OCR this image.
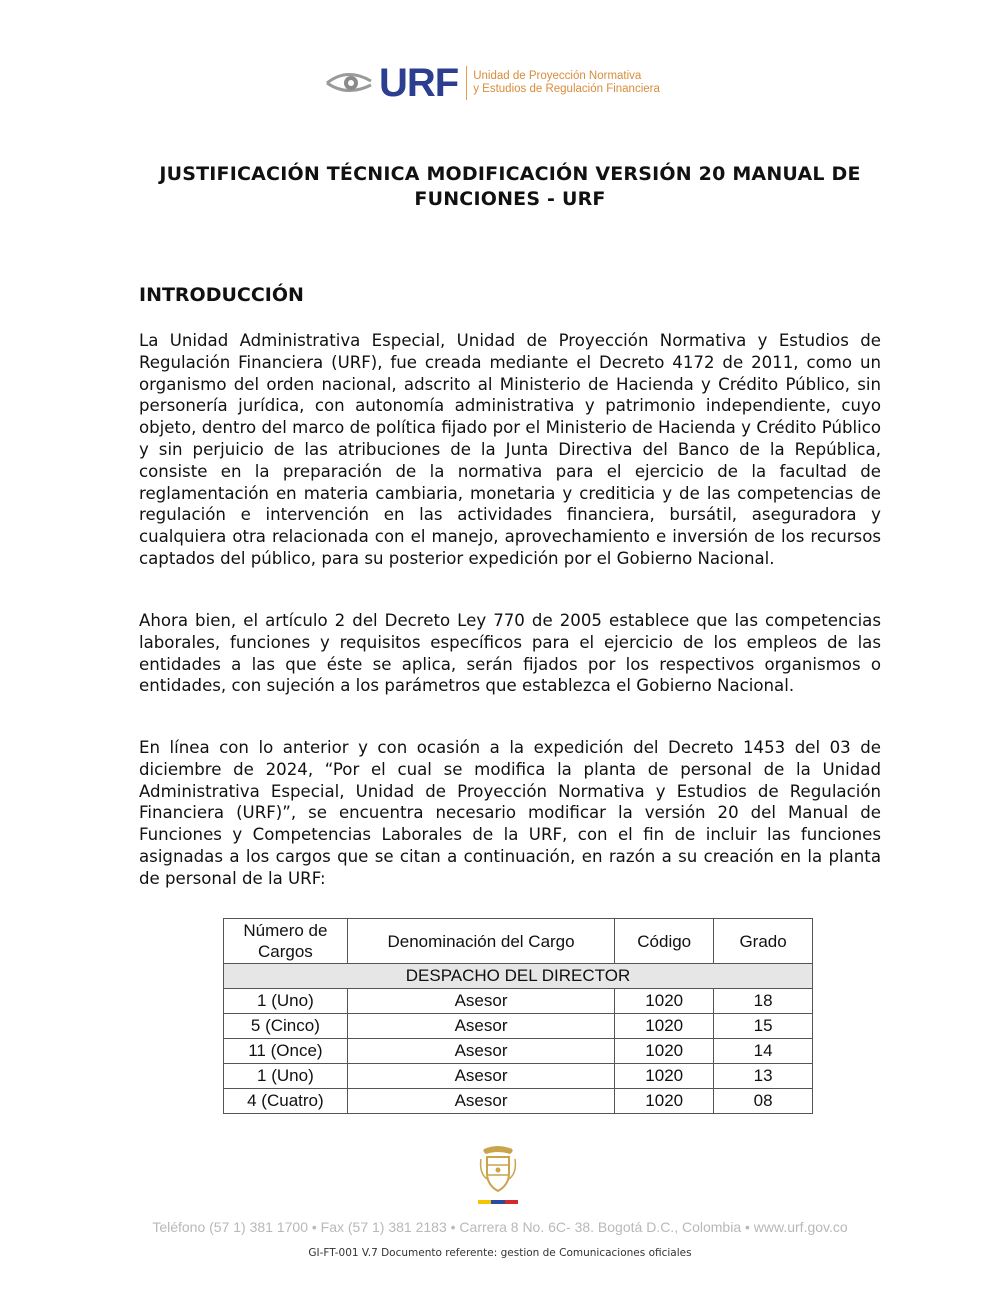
URF Unidad de Proyección Normativa
y Estudios de Regulación Financiera
JUSTIFICACIÓN TÉCNICA MODIFICACIÓN VERSIÓN 20 MANUAL DE FUNCIONES - URF
INTRODUCCIÓN

La Unidad Administrativa Especial, Unidad de Proyección Normativa y Estudios de Regulación Financiera (URF), fue creada mediante el Decreto 4172 de 2011, como un organismo del orden nacional, adscrito al Ministerio de Hacienda y Crédito Público, sin personería jurídica, con autonomía administrativa y patrimonio independiente, cuyo objeto, dentro del marco de política fijado por el Ministerio de Hacienda y Crédito Público y sin perjuicio de las atribuciones de la Junta Directiva del Banco de la República, consiste en la preparación de la normativa para el ejercicio de la facultad de reglamentación en materia cambiaria, monetaria y crediticia y de las competencias de regulación e intervención en las actividades financiera, bursátil, aseguradora y cualquiera otra relacionada con el manejo, aprovechamiento e inversión de los recursos captados del público, para su posterior expedición por el Gobierno Nacional.

Ahora bien, el artículo 2 del Decreto Ley 770 de 2005 establece que las competencias laborales, funciones y requisitos específicos para el ejercicio de los empleos de las entidades a las que éste se aplica, serán fijados por los respectivos organismos o entidades, con sujeción a los parámetros que establezca el Gobierno Nacional.

En línea con lo anterior y con ocasión a la expedición del Decreto 1453 del 03 de diciembre de 2024, “Por el cual se modifica la planta de personal de la Unidad Administrativa Especial, Unidad de Proyección Normativa y Estudios de Regulación Financiera (URF)”, se encuentra necesario modificar la versión 20 del Manual de Funciones y Competencias Laborales de la URF, con el fin de incluir las funciones asignadas a los cargos que se citan a continuación, en razón a su creación en la planta de personal de la URF:

Número de
Cargos	Denominación del Cargo	Código	Grado
DESPACHO DEL DIRECTOR			
1 (Uno)	Asesor	1020	18
5 (Cinco)	Asesor	1020	15
11 (Once)	Asesor	1020	14
1 (Uno)	Asesor	1020	13
4 (Cuatro)	Asesor	1020	08

Teléfono (57 1) 381 1700 • Fax (57 1) 381 2183 • Carrera 8 No. 6C- 38. Bogotá D.C., Colombia • www.urf.gov.co

GI-FT-001 V.7 Documento referente: gestion de Comunicaciones oficiales
